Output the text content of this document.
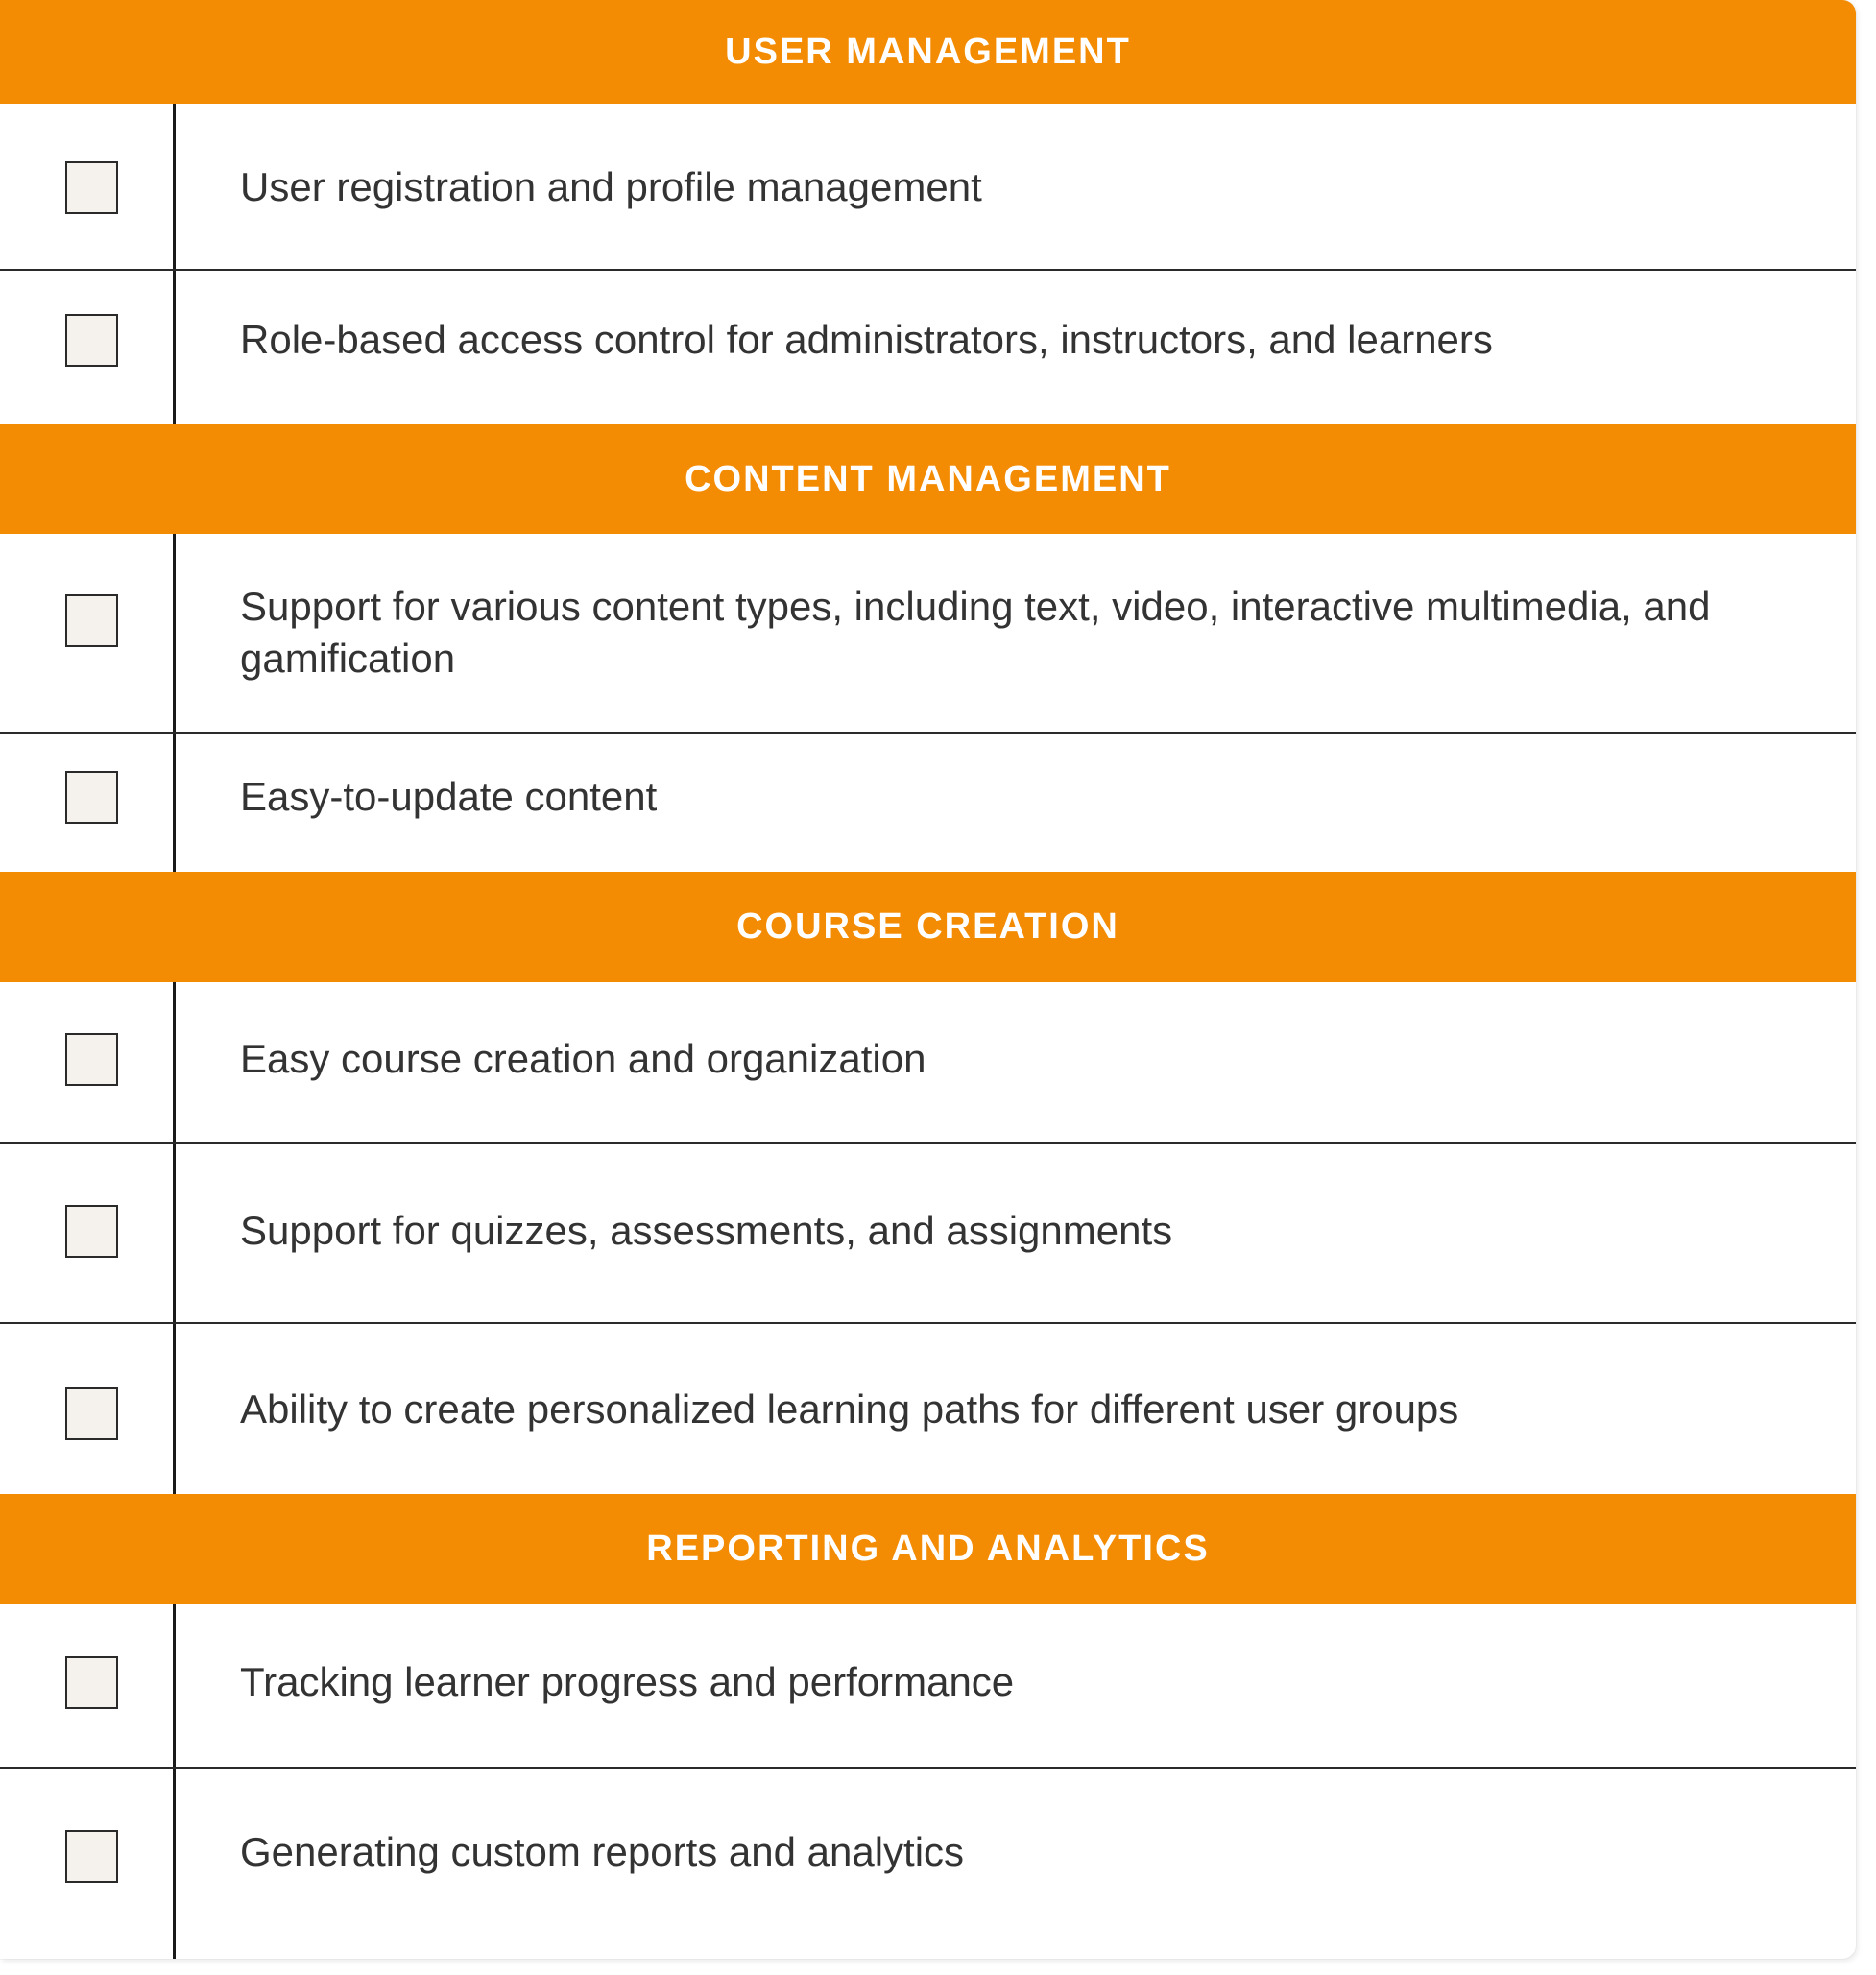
USER MANAGEMENT
User registration and profile management
Role-based access control for administrators, instructors, and learners
CONTENT MANAGEMENT
Support for various content types, including text, video, interactive multimedia, and gamification
Easy-to-update content
COURSE CREATION
Easy course creation and organization
Support for quizzes, assessments, and assignments
Ability to create personalized learning paths for different user groups
REPORTING AND ANALYTICS
Tracking learner progress and performance
Generating custom reports and analytics
